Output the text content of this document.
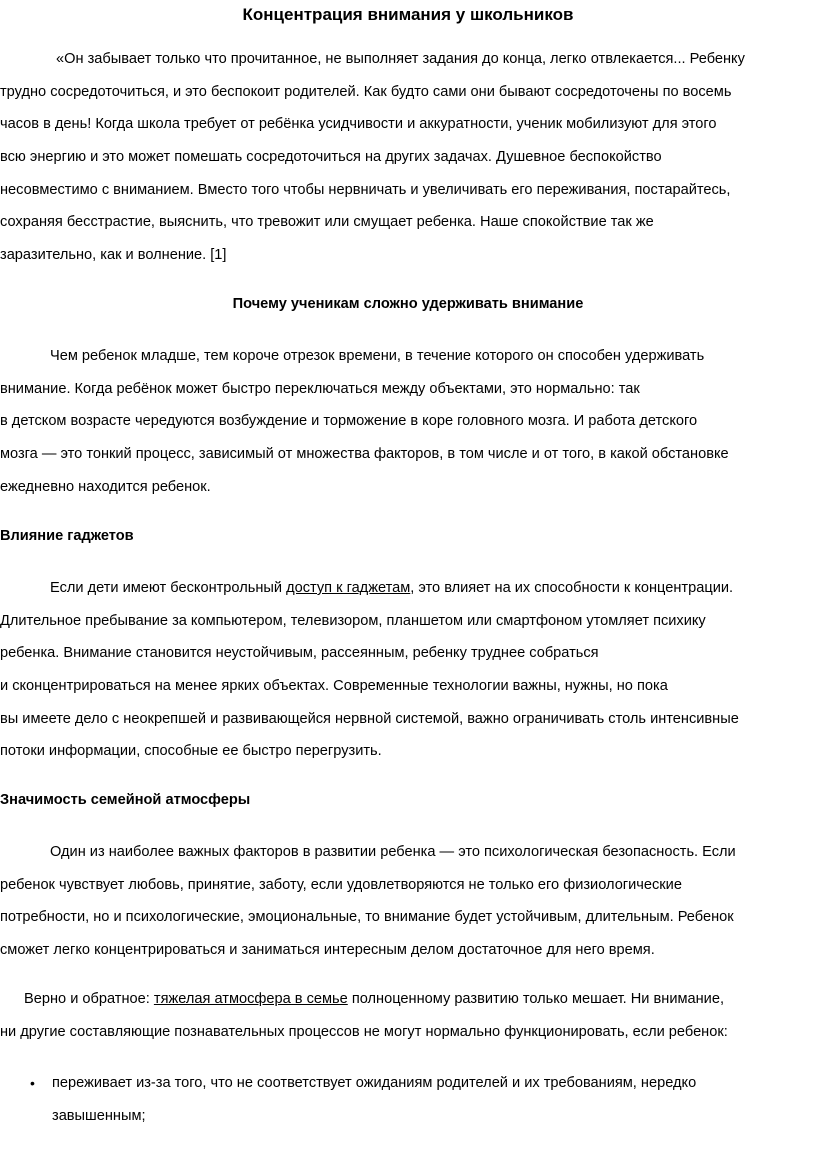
Концентрация внимания у школьников
«Он забывает только что прочитанное, не выполняет задания до конца, легко отвлекается... Ребенку
трудно сосредоточиться, и это беспокоит родителей. Как будто сами они бывают сосредоточены по восемь
часов в день! Когда школа требует от ребёнка усидчивости и аккуратности, ученик мобилизуют для этого
всю энергию и это может помешать сосредоточиться на других задачах. Душевное беспокойство
несовместимо с вниманием. Вместо того чтобы нервничать и увеличивать его переживания, постарайтесь,
сохраняя бесстрастие, выяснить, что тревожит или смущает ребенка. Наше спокойствие так же
заразительно, как и волнение. [1]
Почему ученикам сложно удерживать внимание
Чем ребенок младше, тем короче отрезок времени, в течение которого он способен удерживать
внимание. Когда ребёнок может быстро переключаться между объектами, это нормально: так
в детском возрасте чередуются возбуждение и торможение в коре головного мозга. И работа детского
мозга — это тонкий процесс, зависимый от множества факторов, в том числе и от того, в какой обстановке
ежедневно находится ребенок.
Влияние гаджетов
Если дети имеют бесконтрольный доступ к гаджетам, это влияет на их способности к концентрации.
Длительное пребывание за компьютером, телевизором, планшетом или смартфоном утомляет психику
ребенка. Внимание становится неустойчивым, рассеянным, ребенку труднее собраться
и сконцентрироваться на менее ярких объектах. Современные технологии важны, нужны, но пока
вы имеете дело с неокрепшей и развивающейся нервной системой, важно ограничивать столь интенсивные
потоки информации, способные ее быстро перегрузить.
Значимость семейной атмосферы
Один из наиболее важных факторов в развитии ребенка — это психологическая безопасность. Если
ребенок чувствует любовь, принятие, заботу, если удовлетворяются не только его физиологические
потребности, но и психологические, эмоциональные, то внимание будет устойчивым, длительным. Ребенок
сможет легко концентрироваться и заниматься интересным делом достаточное для него время.
Верно и обратное: тяжелая атмосфера в семье полноценному развитию только мешает. Ни внимание,
ни другие составляющие познавательных процессов не могут нормально функционировать, если ребенок:
• переживает из-за того, что не соответствует ожиданиям родителей и их требованиям, нередко
завышенным;
